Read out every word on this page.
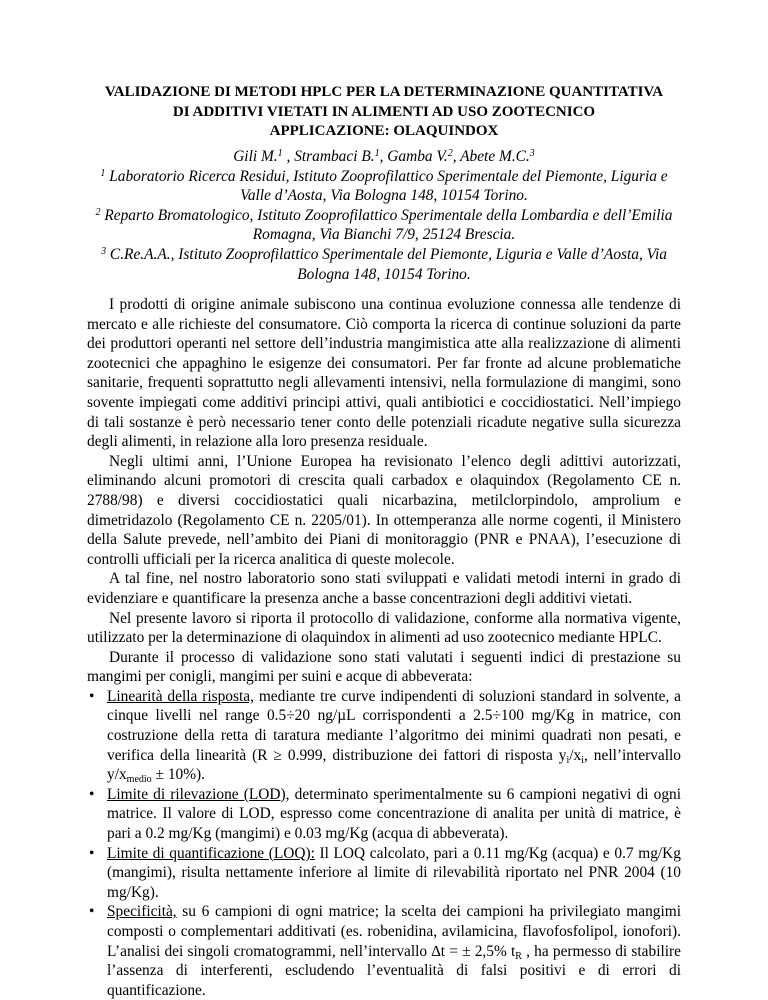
VALIDAZIONE DI METODI HPLC PER LA DETERMINAZIONE QUANTITATIVA
DI ADDITIVI VIETATI IN ALIMENTI AD USO ZOOTECNICO
APPLICAZIONE: OLAQUINDOX
Gili M.$^1$ , Strambaci B.$^1$, Gamba V.$^2$, Abete M.C.$^3$
$^1$ Laboratorio Ricerca Residui, Istituto Zooprofilattico Sperimentale del Piemonte, Liguria e
Valle d’Aosta, Via Bologna 148, 10154 Torino.
$^2$ Reparto Bromatologico, Istituto Zooprofilattico Sperimentale della Lombardia e dell’Emilia
Romagna, Via Bianchi 7/9, 25124 Brescia.
$^3$ C.Re.A.A., Istituto Zooprofilattico Sperimentale del Piemonte, Liguria e Valle d’Aosta, Via
Bologna 148, 10154 Torino.

I prodotti di origine animale subiscono una continua evoluzione connessa alle tendenze di mercato e alle richieste del consumatore. Ciò comporta la ricerca di continue soluzioni da parte dei produttori operanti nel settore dell’industria mangimistica atte alla realizzazione di alimenti zootecnici che appaghino le esigenze dei consumatori. Per far fronte ad alcune problematiche sanitarie, frequenti soprattutto negli allevamenti intensivi, nella formulazione di mangimi, sono sovente impiegati come additivi principi attivi, quali antibiotici e coccidiostatici. Nell’impiego di tali sostanze è però necessario tener conto delle potenziali ricadute negative sulla sicurezza degli alimenti, in relazione alla loro presenza residuale.

Negli ultimi anni, l’Unione Europea ha revisionato l’elenco degli adittivi autorizzati, eliminando alcuni promotori di crescita quali carbadox e olaquindox (Regolamento CE n. 2788/98) e diversi coccidiostatici quali nicarbazina, metilclorpindolo, amprolium e dimetridazolo (Regolamento CE n. 2205/01). In ottemperanza alle norme cogenti, il Ministero della Salute prevede, nell’ambito dei Piani di monitoraggio (PNR e PNAA), l’esecuzione di controlli ufficiali per la ricerca analitica di queste molecole.

A tal fine, nel nostro laboratorio sono stati sviluppati e validati metodi interni in grado di evidenziare e quantificare la presenza anche a basse concentrazioni degli additivi vietati.

Nel presente lavoro si riporta il protocollo di validazione, conforme alla normativa vigente, utilizzato per la determinazione di olaquindox in alimenti ad uso zootecnico mediante HPLC.

Durante il processo di validazione sono stati valutati i seguenti indici di prestazione su mangimi per conigli, mangimi per suini e acque di abbeverata:

• Linearità della risposta, mediante tre curve indipendenti di soluzioni standard in solvente, a cinque livelli nel range 0.5÷20 ng/µL corrispondenti a 2.5÷100 mg/Kg in matrice, con costruzione della retta di taratura mediante l’algoritmo dei minimi quadrati non pesati, e verifica della linearità (R ≥ 0.999, distribuzione dei fattori di risposta $y_i/x_i$, nell’intervallo $y/x_{medio} \pm 10\%$).
• Limite di rilevazione (LOD), determinato sperimentalmente su 6 campioni negativi di ogni matrice. Il valore di LOD, espresso come concentrazione di analita per unità di matrice, è pari a 0.2 mg/Kg (mangimi) e 0.03 mg/Kg (acqua di abbeverata).
• Limite di quantificazione (LOQ): Il LOQ calcolato, pari a 0.11 mg/Kg (acqua) e 0.7 mg/Kg (mangimi), risulta nettamente inferiore al limite di rilevabilità riportato nel PNR 2004 (10 mg/Kg).
• Specificità, su 6 campioni di ogni matrice; la scelta dei campioni ha privilegiato mangimi composti o complementari additivati (es. robenidina, avilamicina, flavofosfolipol, ionofori). L’analisi dei singoli cromatogrammi, nell’intervallo ∆t = ± 2,5% $t_R$ , ha permesso di stabilire l’assenza di interferenti, escludendo l’eventualità di falsi positivi e di errori di quantificazione.
